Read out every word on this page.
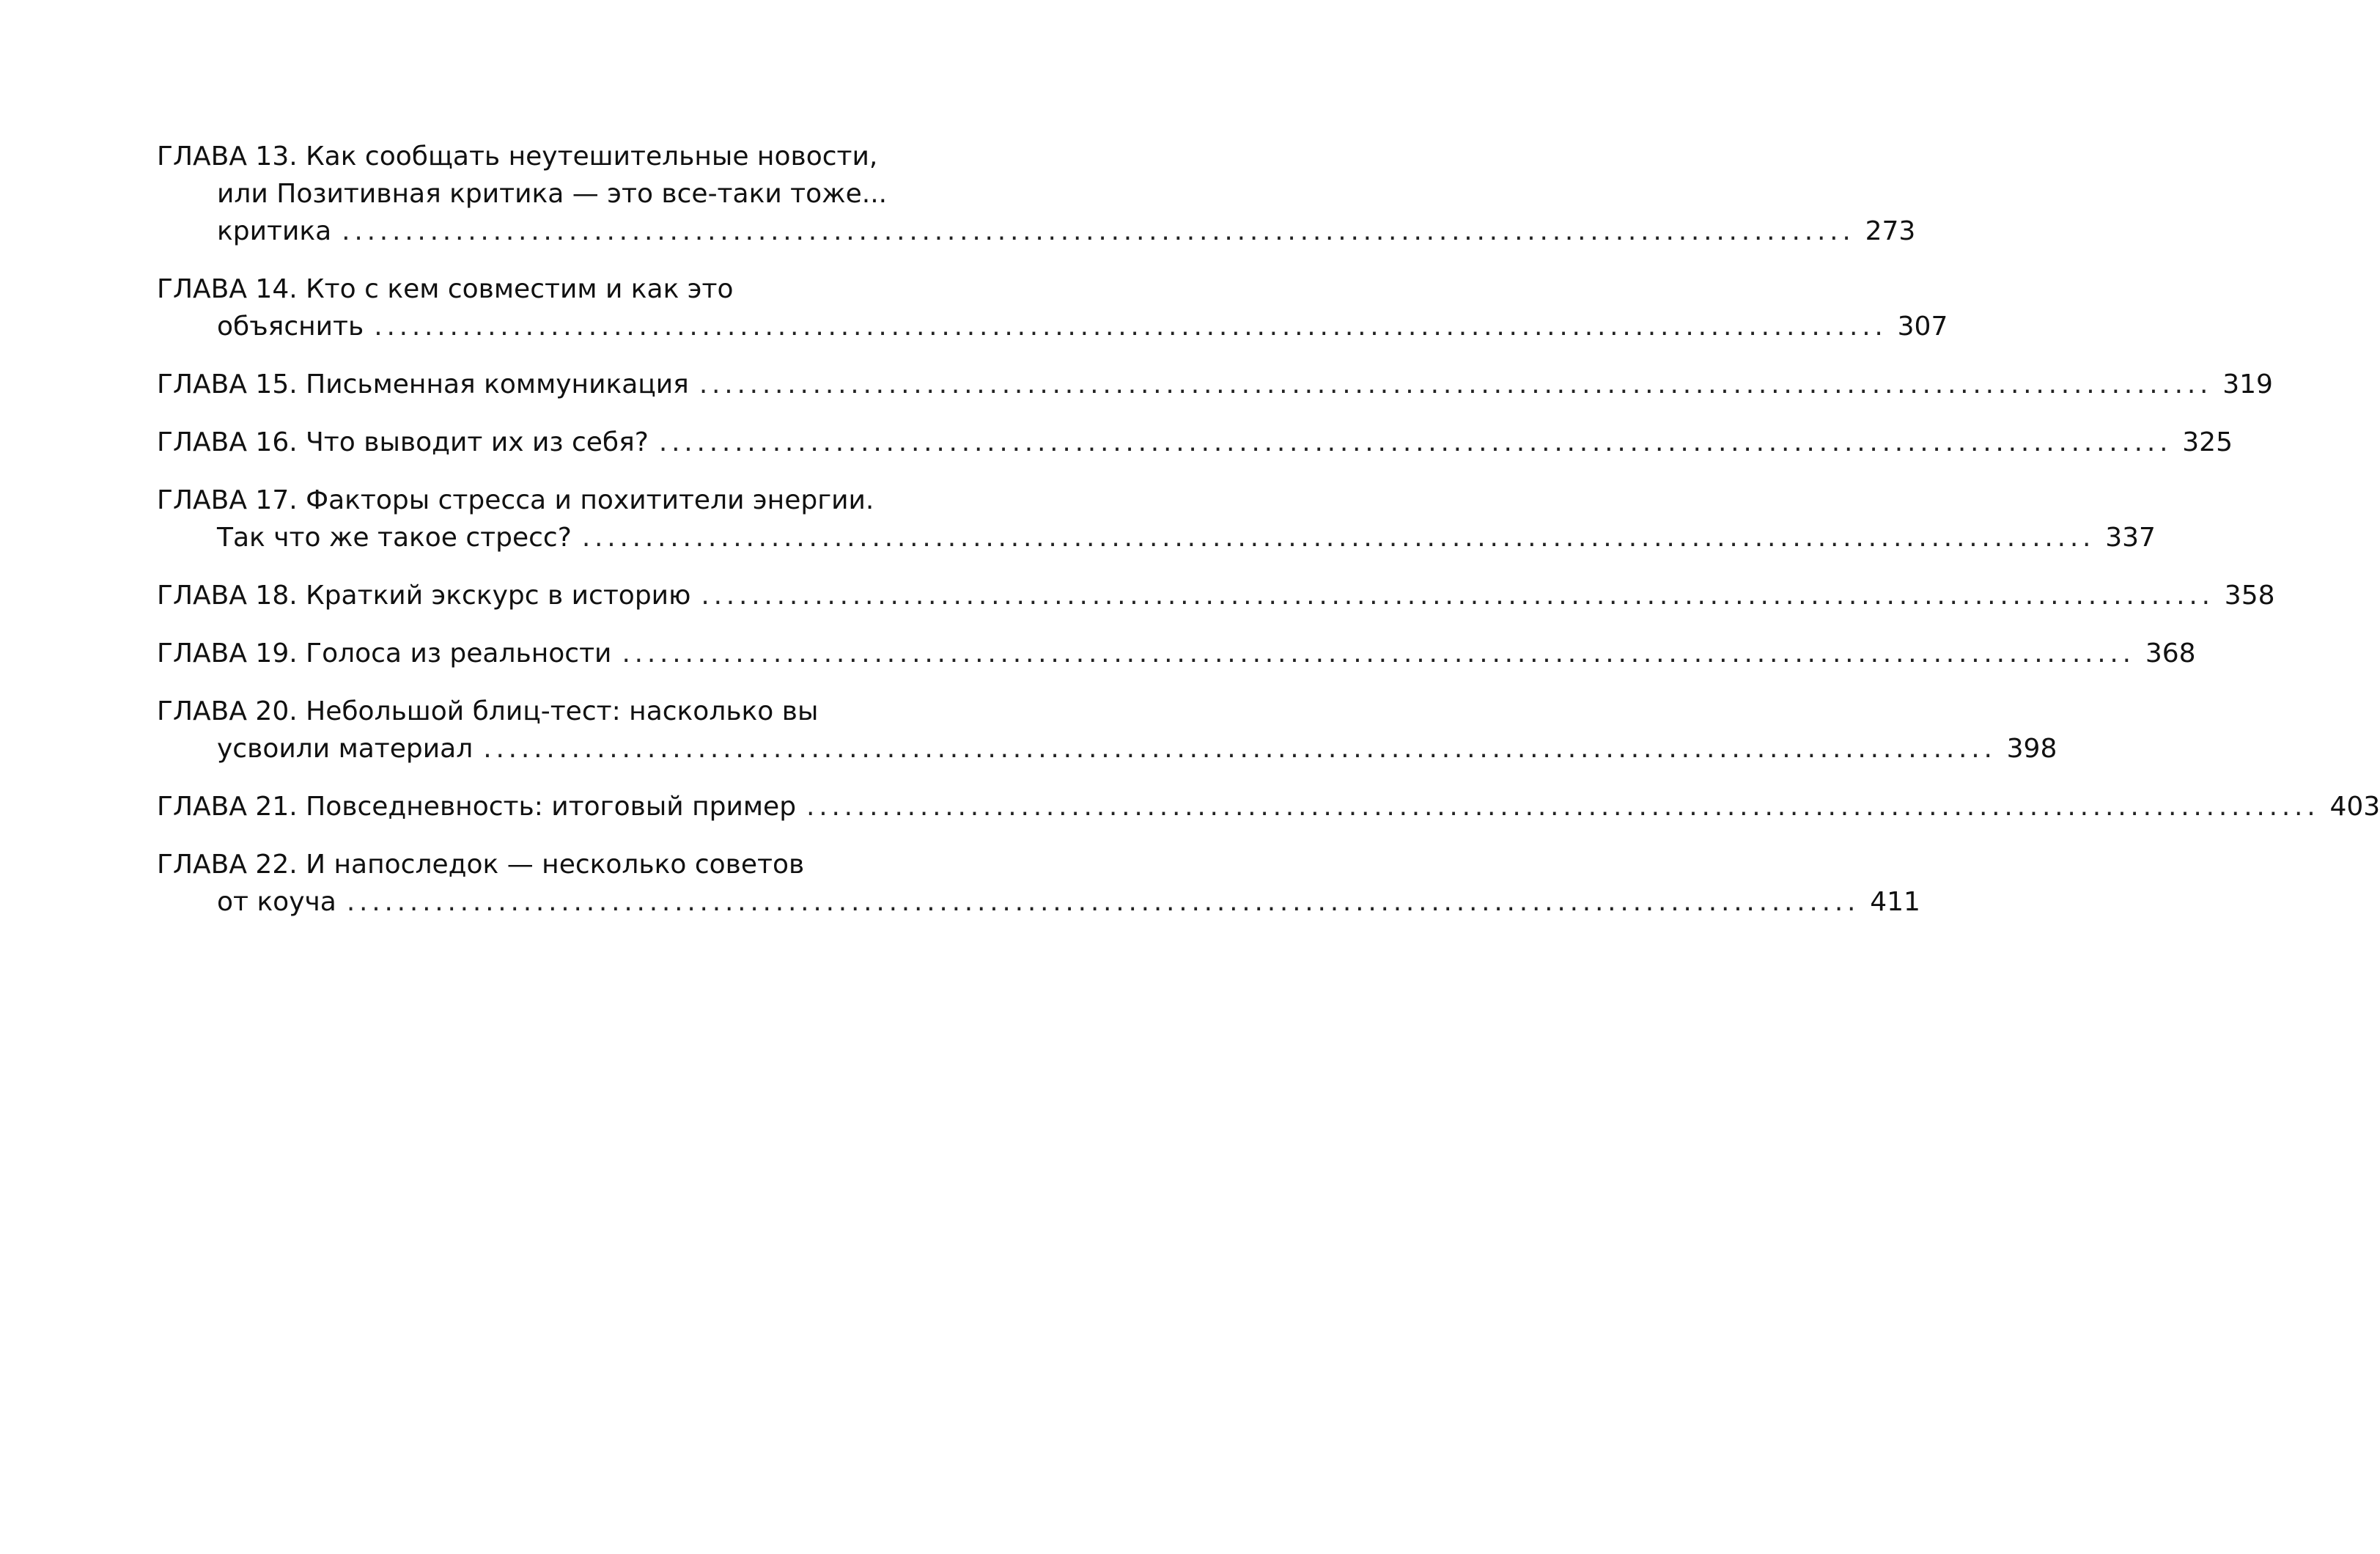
ГЛАВА 13.
Как сообщать неутешительные новости,
или Позитивная критика — это все-таки тоже...
критика ........................................................................................................................ 273
ГЛАВА 14.
Кто с кем совместим и как это
объяснить ........................................................................................................................ 307
ГЛАВА 15.
Письменная коммуникация ........................................................................................................................ 319
ГЛАВА 16.
Что выводит их из себя? ........................................................................................................................ 325
ГЛАВА 17.
Факторы стресса и похитители энергии.
Так что же такое стресс? ........................................................................................................................ 337
ГЛАВА 18.
Краткий экскурс в историю ........................................................................................................................ 358
ГЛАВА 19.
Голоса из реальности ........................................................................................................................ 368
ГЛАВА 20.
Небольшой блиц-тест: насколько вы
усвоили материал ........................................................................................................................ 398
ГЛАВА 21.
Повседневность: итоговый пример ........................................................................................................................ 403
ГЛАВА 22.
И напоследок — несколько советов
от коуча ........................................................................................................................ 411
